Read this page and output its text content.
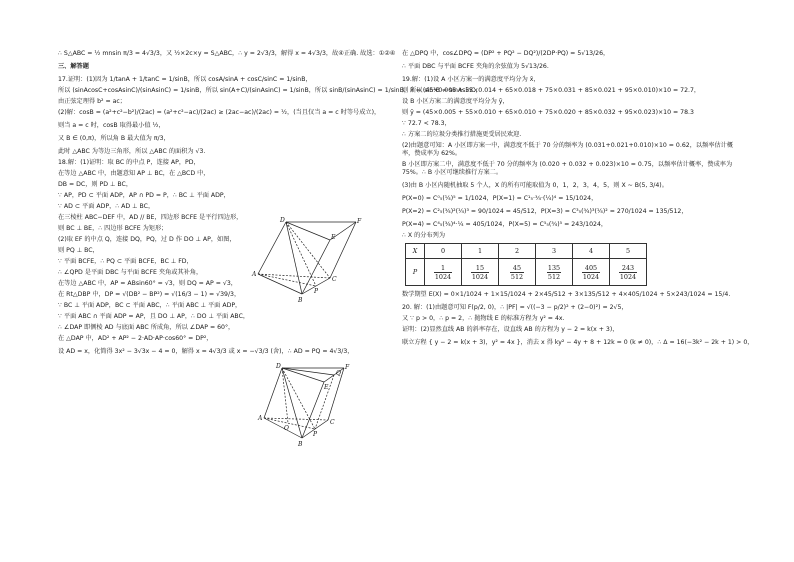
∴ S△ABC = ½ mnsin π/3 = 4√3/3，又 ½×2c×y = S△ABC，∴ y = 2√3/3，解得 x = 4√3/3，故④正确. 故选：①②④

三、解答题

17.证明：(1)因为 1/tanA + 1/tanC = 1/sinB，所以 cosA/sinA + cosC/sinC = 1/sinB，

所以 (sinAcosC+cosAsinC)/(sinAsinC) = 1/sinB，所以 sin(A+C)/(sinAsinC) = 1/sinB，所以 sinB/(sinAsinC) = 1/sinB，所以 sin²B = sinAsinC，

由正弦定理得 b² = ac；

(2)解：cosB = (a²+c²−b²)/(2ac) = (a²+c²−ac)/(2ac) ≥ (2ac−ac)/(2ac) = ½，(当且仅当 a = c 时等号成立)，

则当 a = c 时，cosB 取得最小值 ½，

又 B ∈ (0,π)，所以角 B 最大值为 π/3，

此时 △ABC 为等边三角形，所以 △ABC 的面积为 √3.

18.解：(1)证明：取 BC 的中点 P，连接 AP，PD，

在等边 △ABC 中，由题意知 AP ⊥ BC，在 △BCD 中，

DB = DC，则 PD ⊥ BC，

∵ AP，PD ⊂ 平面 ADP，AP ∩ PD = P，∴ BC ⊥ 平面 ADP，

∵ AD ⊂ 平面 ADP，∴ AD ⊥ BC，

在三棱柱 ABC−DEF 中，AD // BE，四边形 BCFE 是平行四边形，

则 BC ⊥ BE，∴ 四边形 BCFE 为矩形；

(2)取 EF 的中点 Q，连接 DQ，PQ，过 D 作 DO ⊥ AP，如图，

则 PQ ⊥ BC，

∵ 平面 BCFE，∴ PQ ⊂ 平面 BCFE，BC ⊥ FD，

∴ ∠QPD 是平面 DBC 与平面 BCFE 夹角或其补角，

在等边 △ABC 中，AP = ABsin60° = √3，则 DQ = AP = √3，

在 Rt△DBP 中，DP = √(DB² − BP²) = √(16/3 − 1) = √39/3，

∵ BC ⊥ 平面 ADP，BC ⊂ 平面 ABC，∴ 平面 ABC ⊥ 平面 ADP，

∵ 平面 ABC ∩ 平面 ADP = AP，且 DO ⊥ AP，∴ DO ⊥ 平面 ABC，

∴ ∠DAP 即侧棱 AD 与底面 ABC 所成角，所以 ∠DAP = 60°，

在 △DAP 中，AD² + AP² − 2·AD·AP·cos60° = DP²，

设 AD = x，化简得 3x² − 3√3x − 4 = 0，解得 x = 4√3/3 或 x = −√3/3 (舍)，∴ AD = PQ = 4√3/3，

D
E
F
A
B
C
P
D
E
F
A
B
C
P
Q
O

在 △DPQ 中，cos∠DPQ = (DP² + PQ² − DQ²)/(2DP·PQ) = 5√13/26，

∴ 平面 DBC 与平面 BCFE 夹角的余弦值为 5√13/26.

19.解：(1)设 A 小区方案一的满意度平均分为 x̄，

则 x̄ = (45×0.006 + 55×0.014 + 65×0.018 + 75×0.031 + 85×0.021 + 95×0.010)×10 = 72.7，

设 B 小区方案二的满意度平均分为 ȳ，

则 ȳ = (45×0.005 + 55×0.010 + 65×0.010 + 75×0.020 + 85×0.032 + 95×0.023)×10 = 78.3

∵ 72.7 < 78.3，

∴ 方案二的垃圾分类推行措施更受居民欢迎.

(2)由题意可知：A 小区即方案一中，满意度不低于 70 分的频率为 (0.031+0.021+0.010)×10 = 0.62，以频率估计概率，赞成率为 62%。

B 小区即方案二中，满意度不低于 70 分的频率为 (0.020 + 0.032 + 0.023)×10 = 0.75，以频率估计概率，赞成率为 75%。∴ B 小区可继续推行方案二。

(3)由 B 小区内随机抽取 5 个人，X 的所有可能取值为 0，1，2，3，4，5，则 X ~ B(5, 3/4)。

P(X=0) = C⁰₅(¼)⁵ = 1/1024，P(X=1) = C¹₅·¾·(¼)⁴ = 15/1024，

P(X=2) = C²₅(¾)²(¼)³ = 90/1024 = 45/512，P(X=3) = C³₅(¾)³(¼)² = 270/1024 = 135/512，

P(X=4) = C⁴₅(¾)⁴·¼ = 405/1024，P(X=5) = C⁵₅(¾)⁵ = 243/1024，

∴ X 的分布列为

X	0	1	2	3	4	5
P	$\frac{1}{1024}$	$\frac{15}{1024}$	$\frac{45}{512}$	$\frac{135}{512}$	$\frac{405}{1024}$	$\frac{243}{1024}$

数学期望 E(X) = 0×1/1024 + 1×15/1024 + 2×45/512 + 3×135/512 + 4×405/1024 + 5×243/1024 = 15/4.

20. 解：(1)由题意可知 F(p/2, 0)，∴ |PF| = √((−3 − p/2)² + (2−0)²) = 2√5，

又 ∵ p > 0，∴ p = 2，∴ 抛物线 E 的标准方程为 y² = 4x.

证明：(2)显然直线 AB 的斜率存在，设直线 AB 的方程为 y − 2 = k(x + 3)，

联立方程 { y − 2 = k(x + 3)，y² = 4x }，消去 x 得 ky² − 4y + 8 + 12k = 0 (k ≠ 0)，∴ Δ = 16(−3k² − 2k + 1) > 0，
